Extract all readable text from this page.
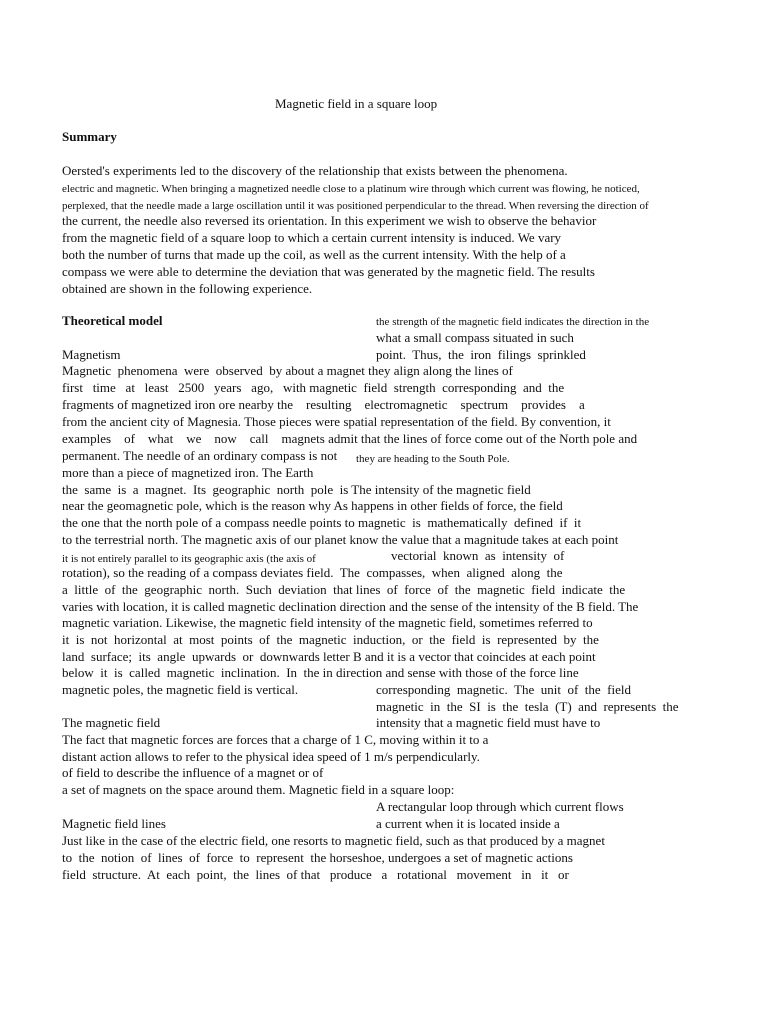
Magnetic field in a square loop
Summary
Oersted's experiments led to the discovery of the relationship that exists between the phenomena.
electric and magnetic. When bringing a magnetized needle close to a platinum wire through which current was flowing, he noticed,
perplexed, that the needle made a large oscillation until it was positioned perpendicular to the thread. When reversing the direction of
the current, the needle also reversed its orientation. In this experiment we wish to observe the behavior
from the magnetic field of a square loop to which a certain current intensity is induced. We vary
both the number of turns that made up the coil, as well as the current intensity. With the help of a
compass we were able to determine the deviation that was generated by the magnetic field. The results
obtained are shown in the following experience.
Theoretical model	the strength of the magnetic field indicates the direction in the
what a small compass situated in such
Magnetism	point.  Thus,  the  iron  filings  sprinkled
Magnetic  phenomena  were  observed  by about a magnet they align along the lines of
first   time   at   least   2500   years   ago,   with magnetic  field  strength  corresponding  and  the
fragments of magnetized iron ore nearby the    resulting    electromagnetic    spectrum    provides    a
from the ancient city of Magnesia. Those pieces were spatial representation of the field. By convention, it
examples    of    what    we    now    call    magnets admit that the lines of force come out of the North pole and
permanent. The needle of an ordinary compass is not they are heading to the South Pole.
more than a piece of magnetized iron. The Earth
the  same  is  a  magnet.  Its  geographic  north  pole  is The intensity of the magnetic field
near the geomagnetic pole, which is the reason why As happens in other fields of force, the field
the one that the north pole of a compass needle points to magnetic  is  mathematically  defined  if  it
to the terrestrial north. The magnetic axis of our planet know the value that a magnitude takes at each point
it is not entirely parallel to its geographic axis (the axis of	vectorial  known  as  intensity  of
rotation), so the reading of a compass deviates field.  The  compasses,  when  aligned  along  the
a  little  of  the  geographic  north.  Such  deviation  that lines  of  force  of  the  magnetic  field  indicate  the
varies with location, it is called magnetic declination direction and the sense of the intensity of the B field. The
magnetic variation. Likewise, the magnetic field intensity of the magnetic field, sometimes referred to
it  is  not  horizontal  at  most  points  of  the  magnetic  induction,  or  the  field  is  represented  by  the
land  surface;  its  angle  upwards  or  downwards letter B and it is a vector that coincides at each point
below  it  is  called  magnetic  inclination.  In  the in direction and sense with those of the force line
magnetic poles, the magnetic field is vertical.	corresponding  magnetic.  The  unit  of  the  field
magnetic  in  the  SI  is  the  tesla  (T)  and  represents  the
The magnetic field	intensity that a magnetic field must have to
The fact that magnetic forces are forces that a charge of 1 C, moving within it to a
distant action allows to refer to the physical idea speed of 1 m/s perpendicularly.
of field to describe the influence of a magnet or of
a set of magnets on the space around them. Magnetic field in a square loop:
A rectangular loop through which current flows
Magnetic field lines	a current when it is located inside a
Just like in the case of the electric field, one resorts to magnetic field, such as that produced by a magnet
to  the  notion  of  lines  of  force  to  represent  the horseshoe, undergoes a set of magnetic actions
field  structure.  At  each  point,  the  lines  of that   produce   a   rotational   movement   in   it   or
